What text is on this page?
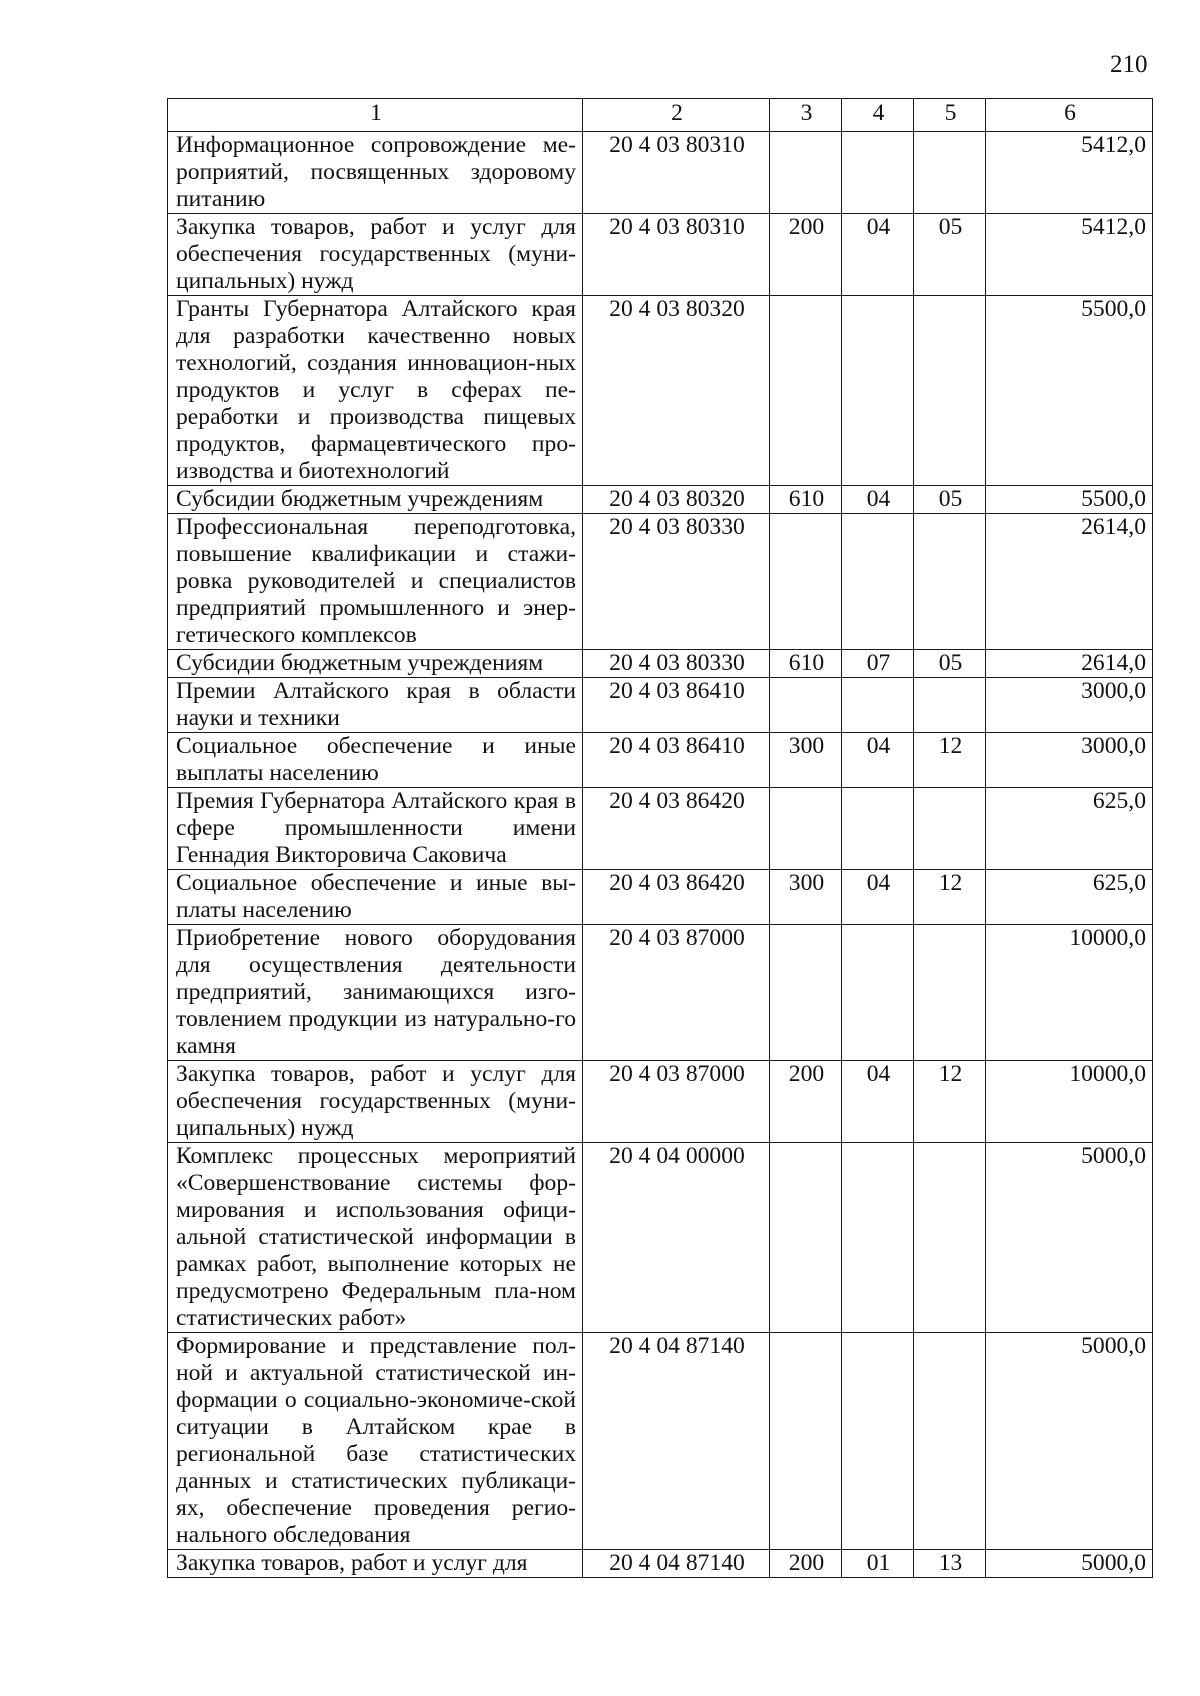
210
1	2	3	4	5	6
Информационное сопровождение ме-роприятий, посвященных здоровому питанию	20 4 03 80310				5412,0
Закупка товаров, работ и услуг для обеспечения государственных (муни-ципальных) нужд	20 4 03 80310	200	04	05	5412,0
Гранты Губернатора Алтайского края для разработки качественно новых технологий, создания инновацион-ных продуктов и услуг в сферах пе-реработки и производства пищевых продуктов, фармацевтического про-изводства и биотехнологий	20 4 03 80320				5500,0
Субсидии бюджетным учреждениям	20 4 03 80320	610	04	05	5500,0
Профессиональная переподготовка, повышение квалификации и стажи-ровка руководителей и специалистов предприятий промышленного и энер-гетического комплексов	20 4 03 80330				2614,0
Субсидии бюджетным учреждениям	20 4 03 80330	610	07	05	2614,0
Премии Алтайского края в области науки и техники	20 4 03 86410				3000,0
Социальное обеспечение и иные выплаты населению	20 4 03 86410	300	04	12	3000,0
Премия Губернатора Алтайского края в сфере промышленности имени Геннадия Викторовича Саковича	20 4 03 86420				625,0
Социальное обеспечение и иные вы-платы населению	20 4 03 86420	300	04	12	625,0
Приобретение нового оборудования для осуществления деятельности предприятий, занимающихся изго-товлением продукции из натурально-го камня	20 4 03 87000				10000,0
Закупка товаров, работ и услуг для обеспечения государственных (муни-ципальных) нужд	20 4 03 87000	200	04	12	10000,0
Комплекс процессных мероприятий «Совершенствование системы фор-мирования и использования офици-альной статистической информации в рамках работ, выполнение которых не предусмотрено Федеральным пла-ном статистических работ»	20 4 04 00000				5000,0
Формирование и представление пол-ной и актуальной статистической ин-формации о социально-экономиче-ской ситуации в Алтайском крае в региональной базе статистических данных и статистических публикаци-ях, обеспечение проведения регио-нального обследования	20 4 04 87140				5000,0
Закупка товаров, работ и услуг для	20 4 04 87140	200	01	13	5000,0
